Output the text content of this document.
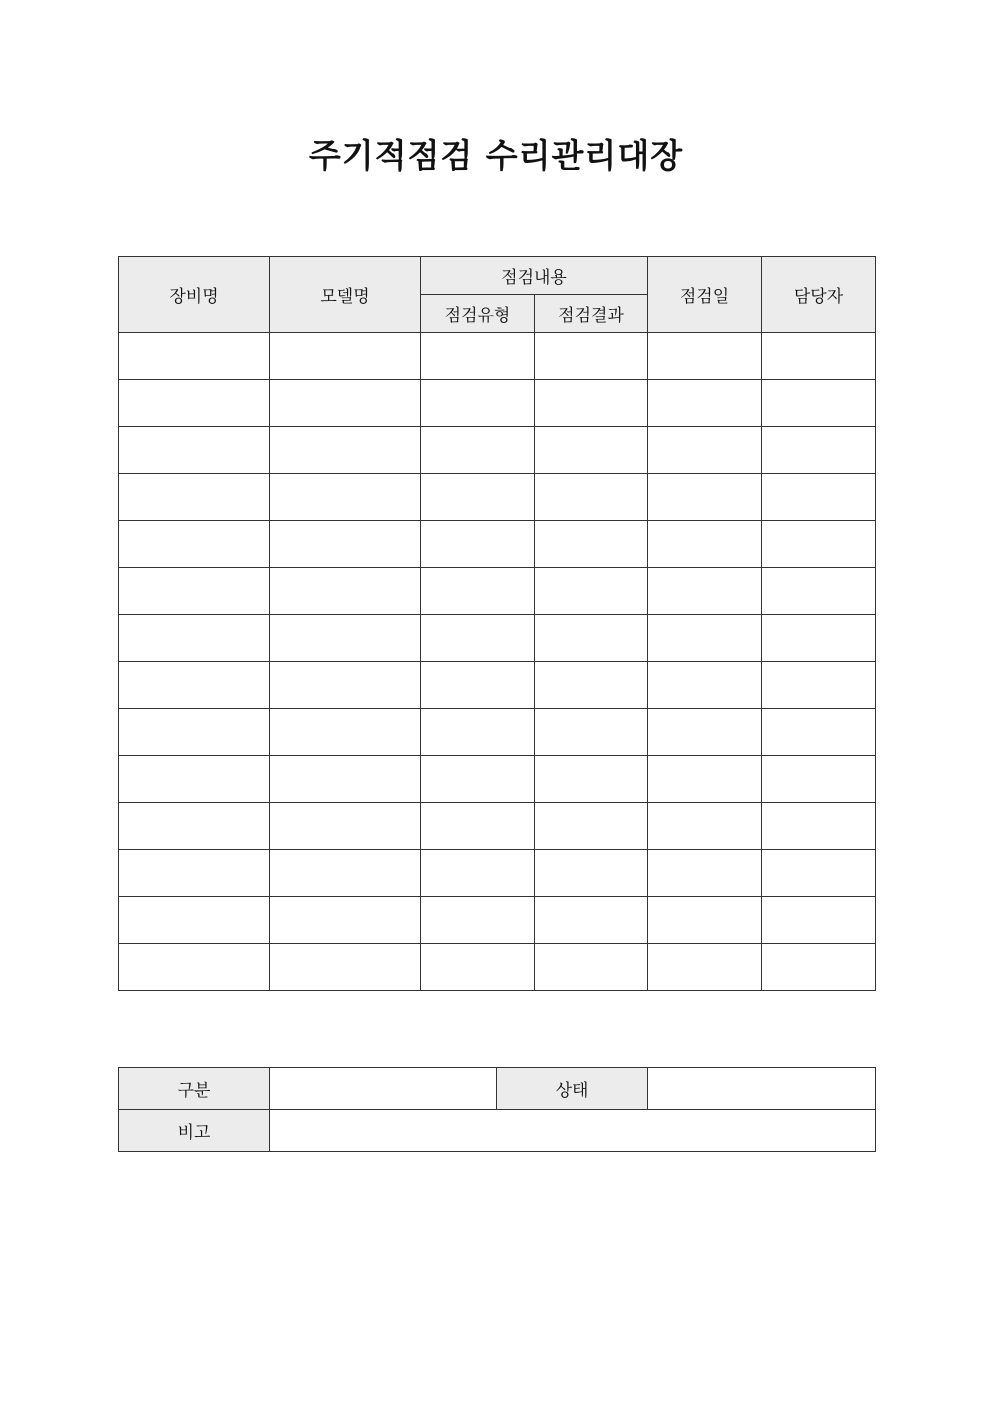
주기적점검 수리관리대장
장비명	모델명	점검내용		점검일	담당자
		점검유형	점검결과		

구분		상태	
비고			
